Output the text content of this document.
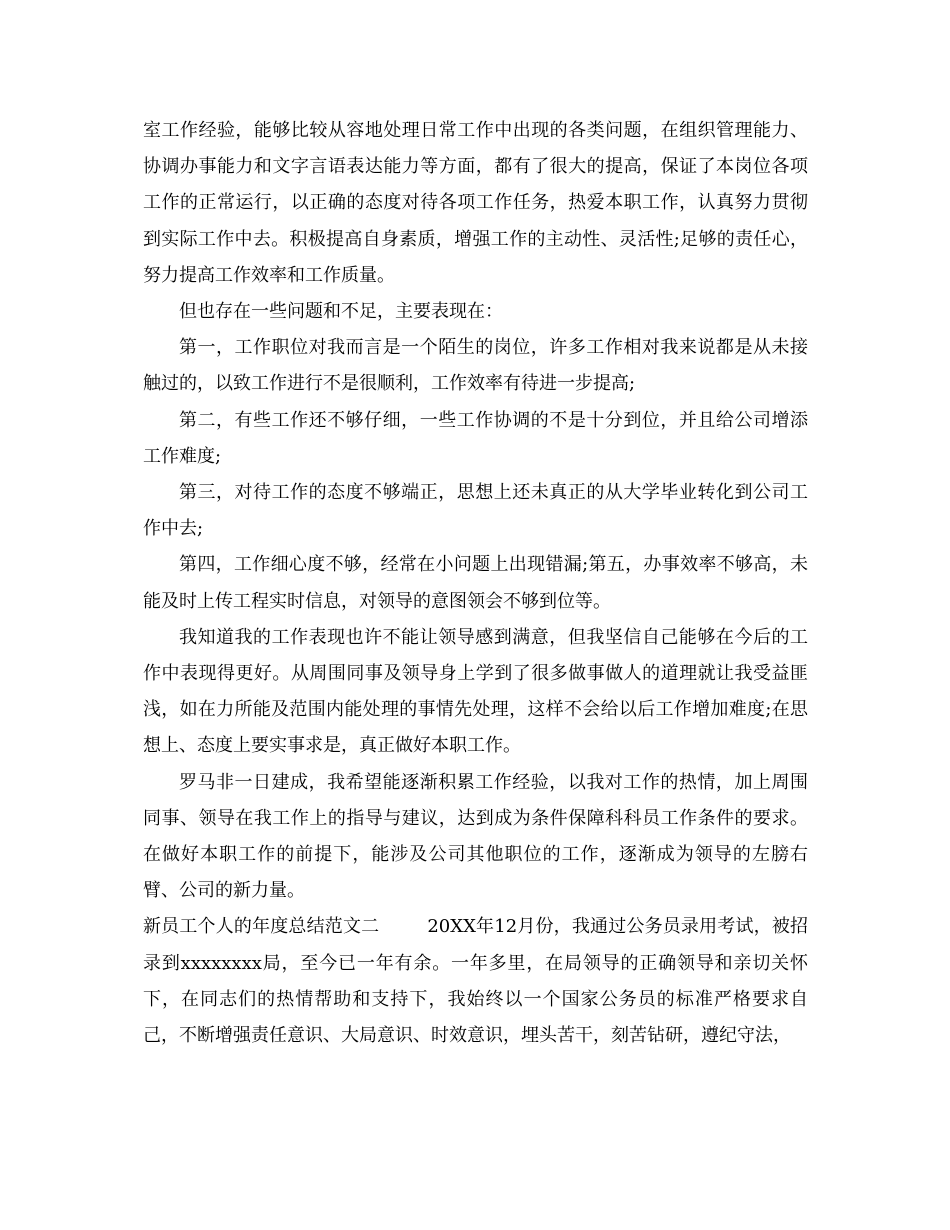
室工作经验，能够比较从容地处理日常工作中出现的各类问题，在组织管理能力、协调办事能力和文字言语表达能力等方面，都有了很大的提高，保证了本岗位各项工作的正常运行，以正确的态度对待各项工作任务，热爱本职工作，认真努力贯彻到实际工作中去。积极提高自身素质，增强工作的主动性、灵活性;足够的责任心，努力提高工作效率和工作质量。

但也存在一些问题和不足，主要表现在：

第一，工作职位对我而言是一个陌生的岗位，许多工作相对我来说都是从未接触过的，以致工作进行不是很顺利，工作效率有待进一步提高;

第二，有些工作还不够仔细，一些工作协调的不是十分到位，并且给公司增添工作难度;

第三，对待工作的态度不够端正，思想上还未真正的从大学毕业转化到公司工作中去;

第四，工作细心度不够，经常在小问题上出现错漏;第五，办事效率不够高，未能及时上传工程实时信息，对领导的意图领会不够到位等。

我知道我的工作表现也许不能让领导感到满意，但我坚信自己能够在今后的工作中表现得更好。从周围同事及领导身上学到了很多做事做人的道理就让我受益匪浅，如在力所能及范围内能处理的事情先处理，这样不会给以后工作增加难度;在思想上、态度上要实事求是，真正做好本职工作。

罗马非一日建成，我希望能逐渐积累工作经验，以我对工作的热情，加上周围同事、领导在我工作上的指导与建议，达到成为条件保障科科员工作条件的要求。在做好本职工作的前提下，能涉及公司其他职位的工作，逐渐成为领导的左膀右臂、公司的新力量。

新员工个人的年度总结范文二	20XX年12月份，我通过公务员录用考试，被招录到xxxxxxxx局，至今已一年有余。一年多里，在局领导的正确领导和亲切关怀下，在同志们的热情帮助和支持下，我始终以一个国家公务员的标准严格要求自己，不断增强责任意识、大局意识、时效意识，埋头苦干，刻苦钻研，遵纪守法，
